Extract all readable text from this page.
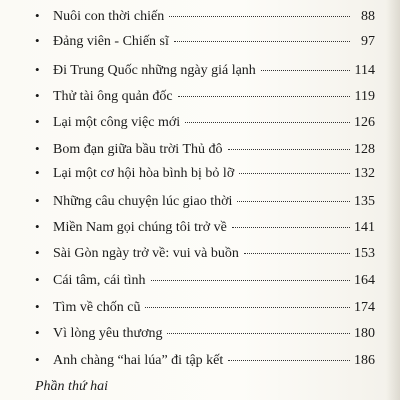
• Nuôi con thời chiến	88
• Đảng viên - Chiến sĩ	97
• Đi Trung Quốc những ngày giá lạnh	114
• Thử tài ông quản đốc	119
• Lại một công việc mới	126
• Bom đạn giữa bầu trời Thủ đô	128
• Lại một cơ hội hòa bình bị bỏ lỡ	132
• Những câu chuyện lúc giao thời	135
• Miền Nam gọi chúng tôi trở về	141
• Sài Gòn ngày trở về: vui và buồn	153
• Cái tâm, cái tình	164
• Tìm về chốn cũ	174
• Vì lòng yêu thương	180
• Anh chàng “hai lúa” đi tập kết	186
Phần thứ hai
